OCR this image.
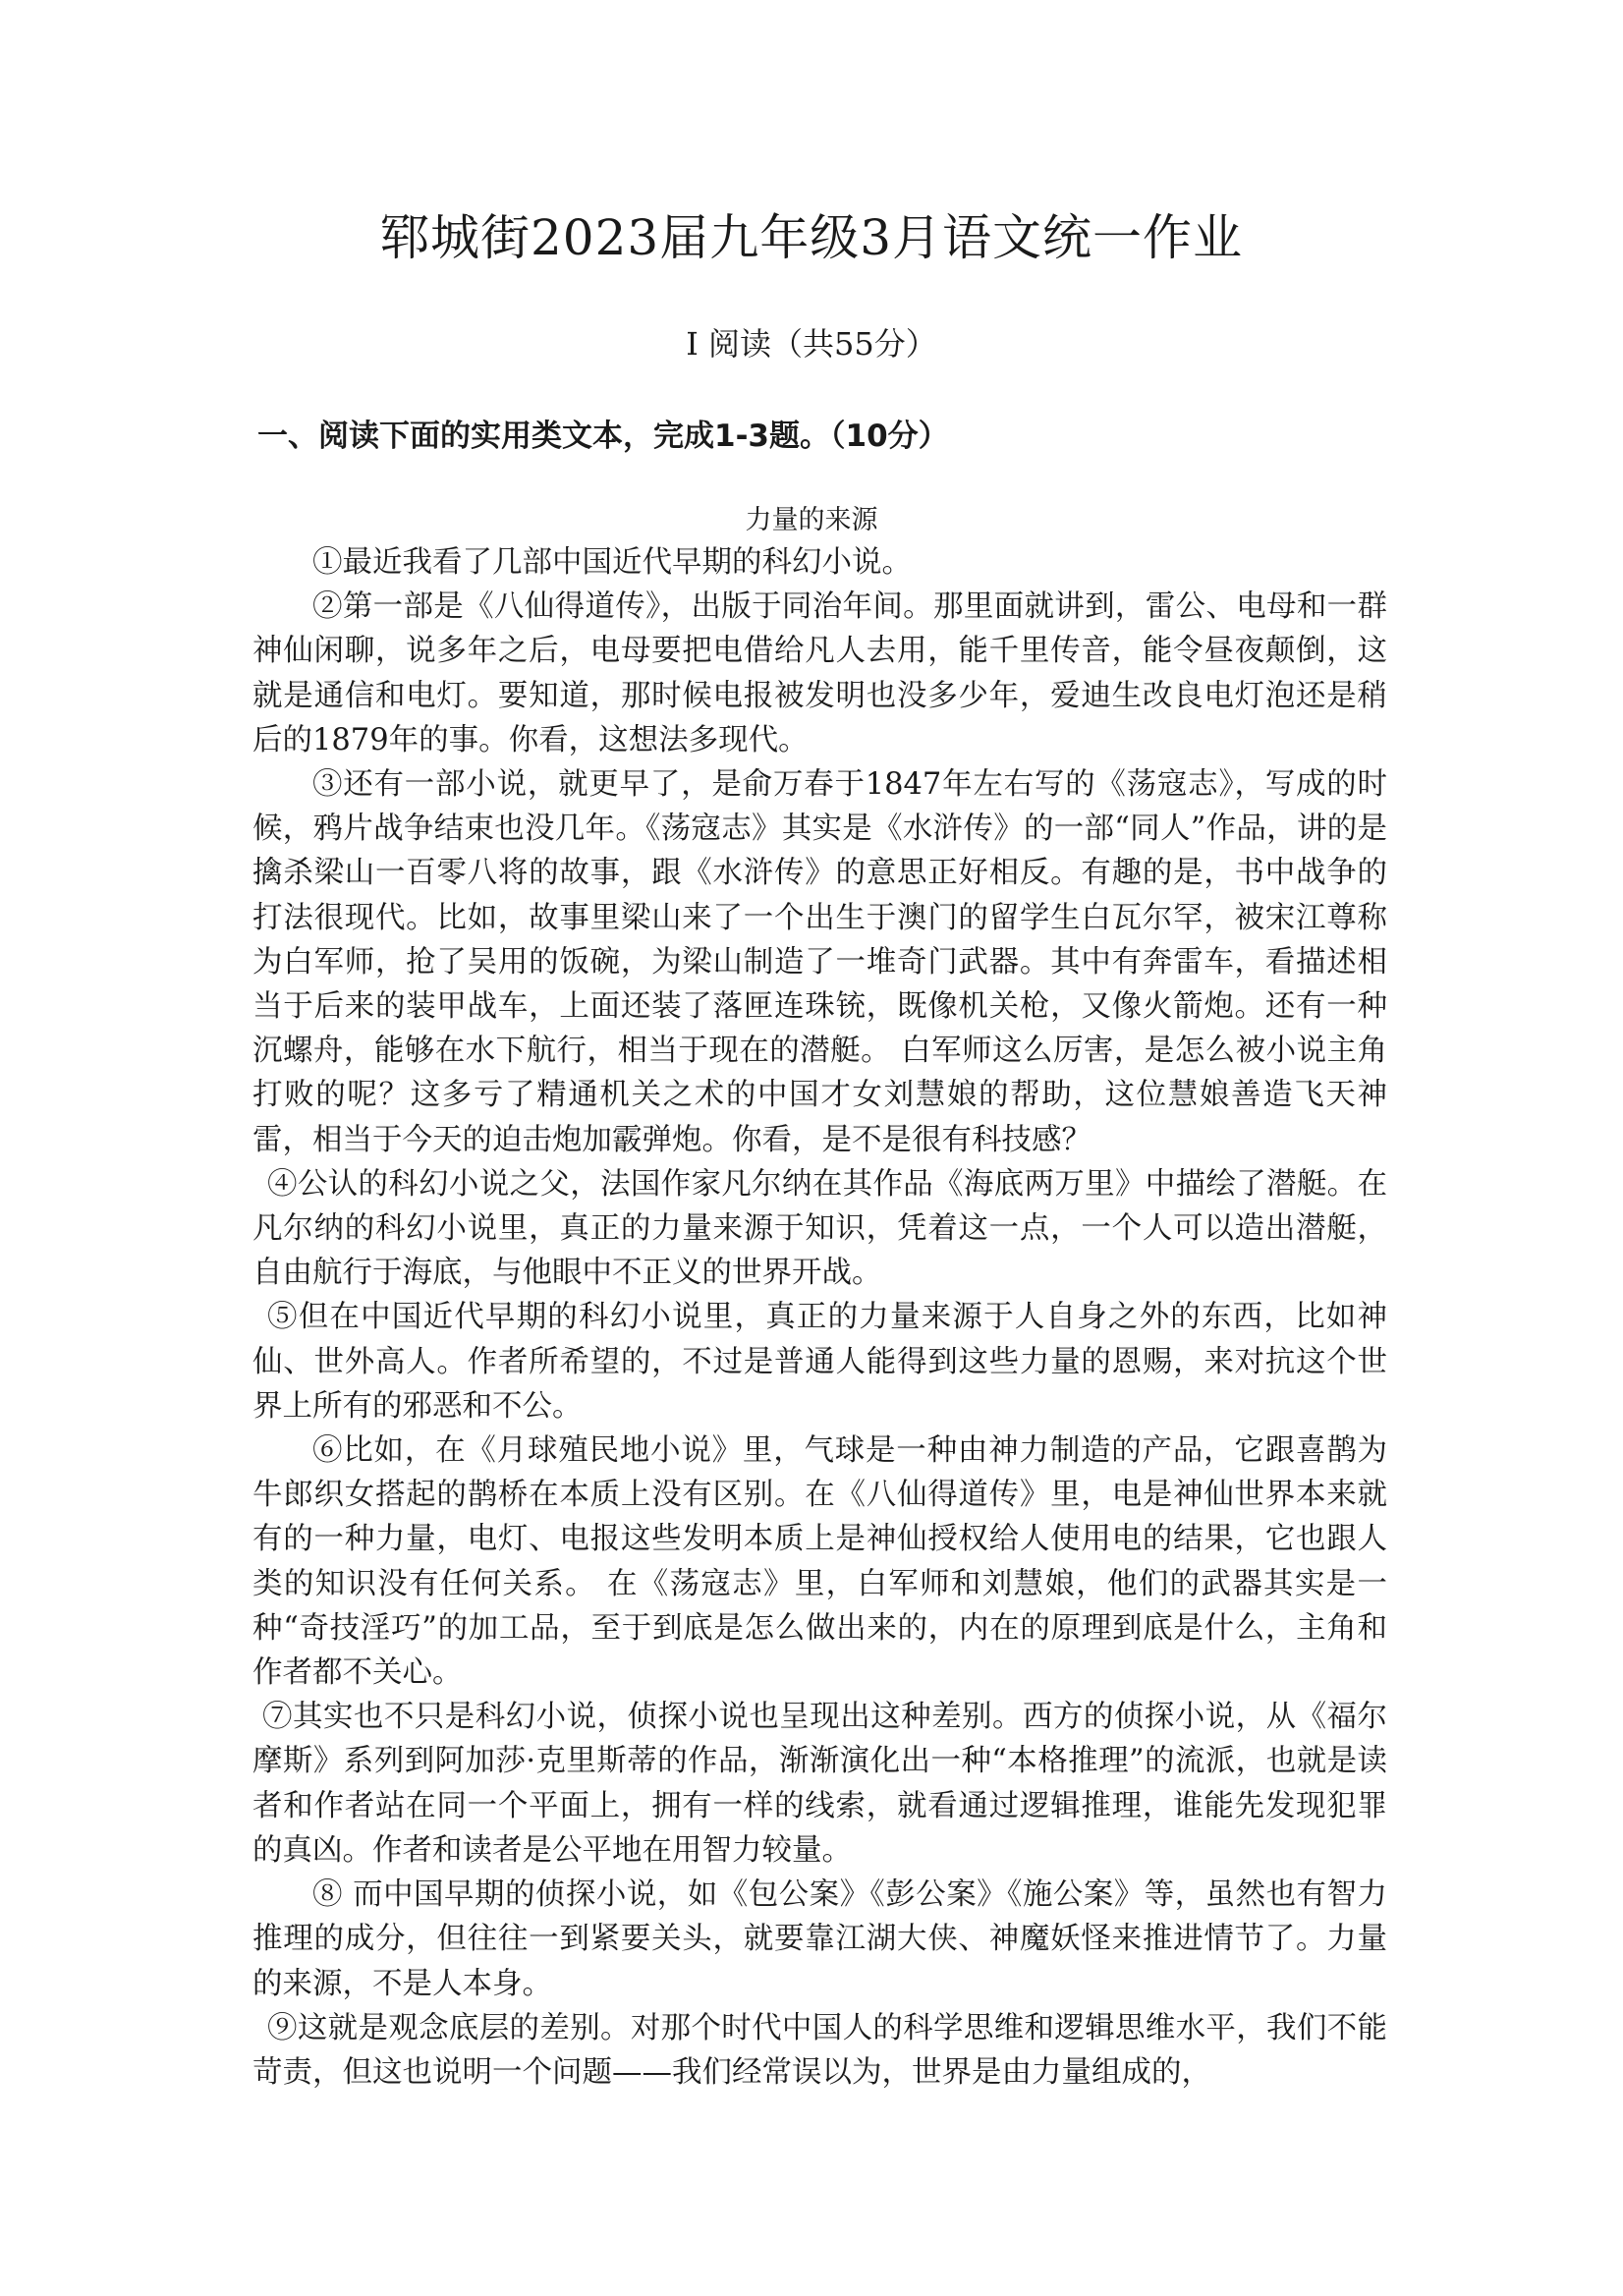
郓城街2023届九年级3月语文统一作业
Ⅰ 阅读（共55分）
一、阅读下面的实用类文本，完成1-3题。（10分）
力量的来源

①最近我看了几部中国近代早期的科幻小说。

②第一部是《八仙得道传》，出版于同治年间。那里面就讲到，雷公、电母和一群神仙闲聊，说多年之后，电母要把电借给凡人去用，能千里传音，能令昼夜颠倒，这就是通信和电灯。要知道，那时候电报被发明也没多少年，爱迪生改良电灯泡还是稍后的1879年的事。你看，这想法多现代。

③还有一部小说，就更早了，是俞万春于1847年左右写的《荡寇志》，写成的时候，鸦片战争结束也没几年。《荡寇志》其实是《水浒传》的一部“同人”作品，讲的是擒杀梁山一百零八将的故事，跟《水浒传》的意思正好相反。有趣的是，书中战争的打法很现代。比如，故事里梁山来了一个出生于澳门的留学生白瓦尔罕，被宋江尊称为白军师，抢了吴用的饭碗，为梁山制造了一堆奇门武器。其中有奔雷车，看描述相当于后来的装甲战车，上面还装了落匣连珠铳，既像机关枪，又像火箭炮。还有一种沉螺舟，能够在水下航行，相当于现在的潜艇。 白军师这么厉害，是怎么被小说主角打败的呢？这多亏了精通机关之术的中国才女刘慧娘的帮助，这位慧娘善造飞天神雷，相当于今天的迫击炮加霰弹炮。你看，是不是很有科技感？

④公认的科幻小说之父，法国作家凡尔纳在其作品《海底两万里》中描绘了潜艇。在凡尔纳的科幻小说里，真正的力量来源于知识，凭着这一点，一个人可以造出潜艇，自由航行于海底，与他眼中不正义的世界开战。

⑤但在中国近代早期的科幻小说里，真正的力量来源于人自身之外的东西，比如神仙、世外高人。作者所希望的，不过是普通人能得到这些力量的恩赐，来对抗这个世界上所有的邪恶和不公。

⑥比如，在《月球殖民地小说》里，气球是一种由神力制造的产品，它跟喜鹊为牛郎织女搭起的鹊桥在本质上没有区别。在《八仙得道传》里，电是神仙世界本来就有的一种力量，电灯、电报这些发明本质上是神仙授权给人使用电的结果，它也跟人类的知识没有任何关系。 在《荡寇志》里，白军师和刘慧娘，他们的武器其实是一种“奇技淫巧”的加工品，至于到底是怎么做出来的，内在的原理到底是什么，主角和作者都不关心。

⑦其实也不只是科幻小说，侦探小说也呈现出这种差别。西方的侦探小说，从《福尔摩斯》系列到阿加莎·克里斯蒂的作品，渐渐演化出一种“本格推理”的流派，也就是读者和作者站在同一个平面上，拥有一样的线索，就看通过逻辑推理，谁能先发现犯罪的真凶。作者和读者是公平地在用智力较量。

⑧ 而中国早期的侦探小说，如《包公案》《彭公案》《施公案》等，虽然也有智力推理的成分，但往往一到紧要关头，就要靠江湖大侠、神魔妖怪来推进情节了。力量的来源，不是人本身。

⑨这就是观念底层的差别。对那个时代中国人的科学思维和逻辑思维水平，我们不能苛责，但这也说明一个问题——我们经常误以为，世界是由力量组成的，
